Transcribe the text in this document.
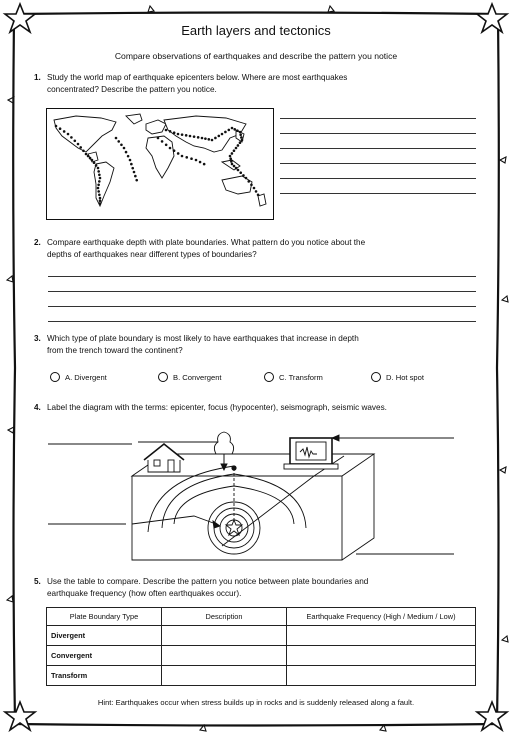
Earth layers and tectonics
Compare observations of earthquakes and describe the pattern you notice
1. Study the world map of earthquake epicenters below. Where are most earthquakes
concentrated? Describe the pattern you notice.
2. Compare earthquake depth with plate boundaries. What pattern do you notice about the
depths of earthquakes near different types of boundaries?
3. Which type of plate boundary is most likely to have earthquakes that increase in depth
from the trench toward the continent?
A. Divergent	B. Convergent	C. Transform	D. Hot spot
4. Label the diagram with the terms: epicenter, focus (hypocenter), seismograph, seismic waves.
5. Use the table to compare. Describe the pattern you notice between plate boundaries and
earthquake frequency (how often earthquakes occur).
Plate Boundary Type	Description	Earthquake Frequency (High / Medium / Low)
Divergent		
Convergent		
Transform		
Hint: Earthquakes occur when stress builds up in rocks and is suddenly released along a fault.
